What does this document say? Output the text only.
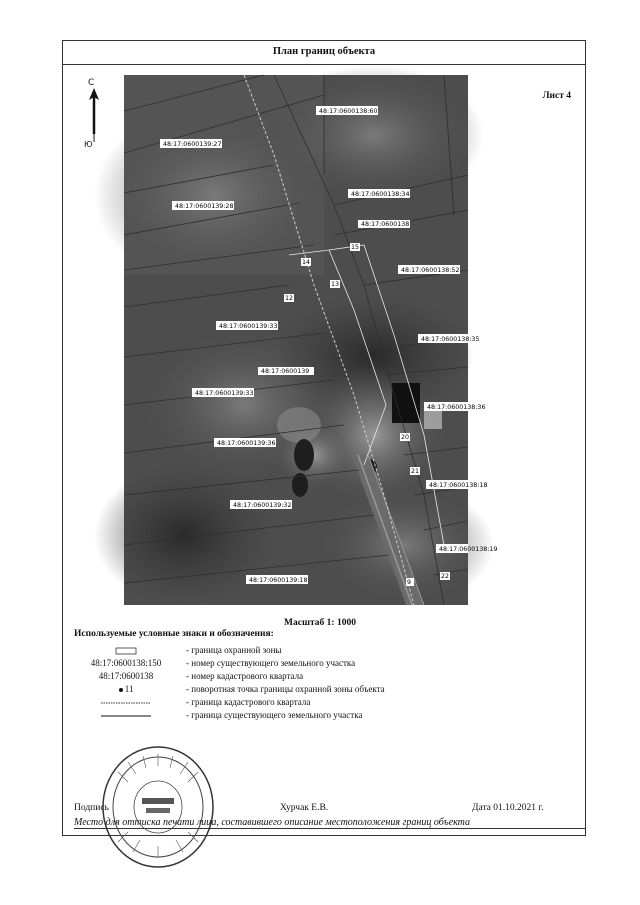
План границ объекта
Лист 4
С
Ю
48:17:0600138:60
48:17:0600139:27
48:17:0600138:34
48:17:0600139:28
48:17:0600138
48:17:0600138:52
48:17:0600139:33
48:17:0600138:35
48:17:0600139
48:17:0600139:33
48:17:0600138:36
48:17:0600139:36
48:17:0600138:18
48:17:0600139:32
48:17:0600138:19
48:17:0600139:18
15
14
13
12
20
21
22
9
Масштаб 1: 1000
Используемые условные знаки и обозначения:
- граница охранной зоны
48:17:0600138:150	- номер существующего земельного участка
48:17:0600138	- номер кадастрового квартала
11	- поворотная точка границы охранной зоны объекта
- граница кадастрового квартала
- граница существующего земельного участка
Подпись	Хурчак Е.В.	Дата 01.10.2021 г.
Место для оттиска печати лица, составившего описание местоположения границ объекта
